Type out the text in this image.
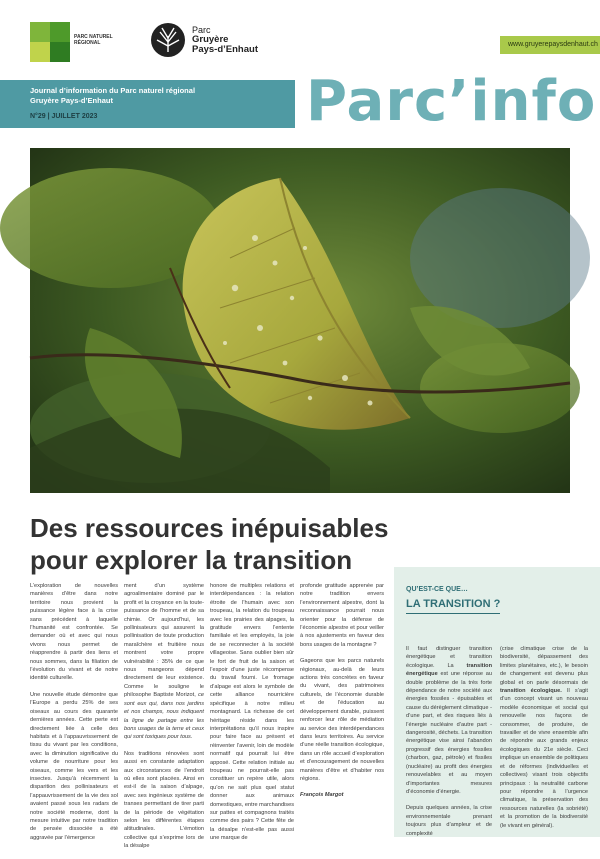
PARC NATUREL RÉGIONAL
Parc
Gruyère
Pays-d’Enhaut	www.gruyerepaysdenhaut.ch
Journal d’information du Parc naturel régional
Gruyère Pays-d’Enhaut
N°29 | JUILLET 2023	Parc’info
Des ressources inépuisables
pour explorer la transition

L’exploration de nouvelles manières d’être dans notre territoire nous provient la puissance légère face à la crise sans précédent à laquelle l’humanité est confrontée. Se demander où et avec qui nous vivons nous permet de réapprendre à partir des liens et nous sommes, dans la filiation de l’évolution du vivant et de notre identité culturelle.

Une nouvelle étude démontre que l’Europe a perdu 25% de ses oiseaux au cours des quarante dernières années. Cette perte est directement liée à celle des habitats et à l’appauvrissement de tissu du vivant par les conditions, avec la diminution significative du volume de nourriture pour les oiseaux, comme les vers et les insectes. Jusqu’à récemment la disparition des pollinisateurs et l’appauvrissement de la vie des sol avaient passé sous les radars de notre société moderne, dont la mesure intuitive par notre tradition de pensée dissociée a été aggravée par l’émergence

ment d’un système agroalimentaire dominé par le profit et la croyance en la toute-puissance de l’homme et de sa chimie. Or aujourd’hui, les pollinisateurs qui assurent la pollinisation de toute production maraîchère et fruitière nous montrent votre propre vulnérabilité : 35% de ce que nous mangeons dépend directement de leur existence. Comme le souligne le philosophe Baptiste Morizot, ce sont eux qui, dans nos jardins et nos champs, nous indiquent la ligne de partage entre les bons usages de la terre et ceux qui sont toxiques pour tous.

Nos traditions rénovées sont aussi en constante adaptation aux circonstances de l’endroit où elles sont placées. Ainsi en est-il de la saison d’alpage, avec ses ingénieux système de transes permettant de tirer parti de la période de végétation selon les différentes étapes altitudinales. L’émotion collective qui s’exprime lors de la désalpe

honore de multiples relations et interdépendances : la relation étroite de l’humain avec son troupeau, la relation du troupeau avec les prairies des alpages, la gratitude envers l’entente familiale et les employés, la joie de se reconnecter à la société villageoise. Sans oublier bien sûr le fort de fruit de la saison et l’espoir d’une juste récompense du travail fourni. Le fromage d’alpage est alors le symbole de cette alliance nourricière spécifique à notre milieu montagnard. La richesse de cet héritage réside dans les interprétations qu’il nous inspire pour faire face au présent et réinventer l’avenir, loin de modèle normatif qui pourrait lui être apposé. Cette relation initiale au troupeau ne pourrait-elle pas constituer un repère utile, alors qu’on ne sait plus quel statut donner aux animaux domestiques, entre marchandises sur pattes et compagnons traités comme des pairs ? Cette fête de la désalpe n’est-elle pas aussi une marque de

profonde gratitude apprenée par notre tradition envers l’environnement alpestre, dont la reconnaissance pourrait nous orienter pour la défense de l’économie alpestre et pour veiller à nos ajustements en faveur des bons usages de la montagne ?

Gageons que les parcs naturels régionaux, au-delà de leurs actions très concrètes en faveur du vivant, des patrimoines culturels, de l’économie durable et de l’éducation au développement durable, puissent renforcer leur rôle de médiation au service des interdépendances dans leurs territoires. Au service d’une réelle transition écologique, dans un rôle accueil d’exploration et d’encouragement de nouvelles manières d’être et d’habiter nos régions.

François Margot
QU’EST-CE QUE…
LA TRANSITION ?

Il faut distinguer transition énergétique et transition écologique. La transition énergétique est une réponse au double problème de la très forte dépendance de notre société aux énergies fossiles - épuisables et cause du dérèglement climatique - d’une part, et des risques liés à l’énergie nucléaire d’autre part - dangerosité, déchets. La transition énergétique vise ainsi l’abandon progressif des énergies fossiles (charbon, gaz, pétrole) et fissiles (nucléaire) au profit des énergies renouvelables et au moyen d’importantes mesures d’économie d’énergie.

Depuis quelques années, la crise environnementale prenant toujours plus d’ampleur et de complexité

(crise climatique crise de la biodiversité, dépassement des limites planétaires, etc.), le besoin de changement est devenu plus global et on parle désormais de transition écologique. Il s’agit d’un concept visant un nouveau modèle économique et social qui renouvelle nos façons de consommer, de produire, de travailler et de vivre ensemble afin de répondre aux grands enjeux écologiques du 21e siècle. Ceci implique un ensemble de politiques et de réformes (individuelles et collectives) visant trois objectifs principaux : la neutralité carbone pour répondre à l’urgence climatique, la préservation des ressources naturelles (la sobriété) et la promotion de la biodiversité (le vivant en général).
